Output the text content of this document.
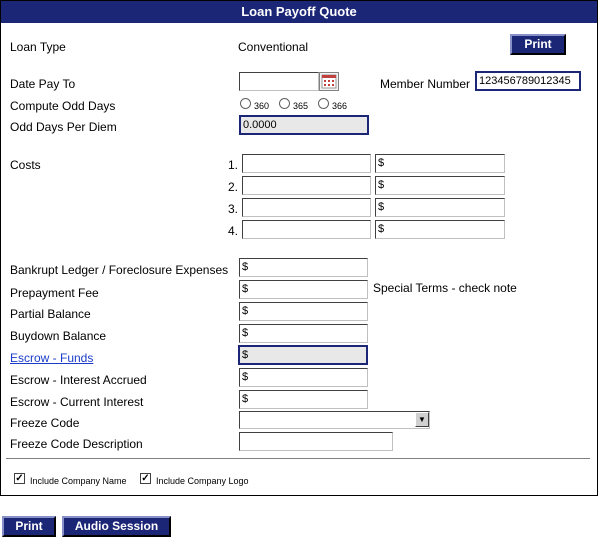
Loan Payoff Quote
Loan Type	Conventional	Print
Date Pay To	Member Number 123456789012345
Compute Odd Days	360	365	366
Odd Days Per Diem	0.0000
Costs	1.	$
2.	$
3.	$
4.	$
Bankrupt Ledger / Foreclosure Expenses $
Prepayment Fee	$	Special Terms - check note
Partial Balance	$
Buydown Balance	$
Escrow - Funds	$
Escrow - Interest Accrued	$
Escrow - Current Interest	$
Freeze Code	▼
Freeze Code Description
✓ Include Company Name ✓ Include Company Logo
Print	Audio Session
